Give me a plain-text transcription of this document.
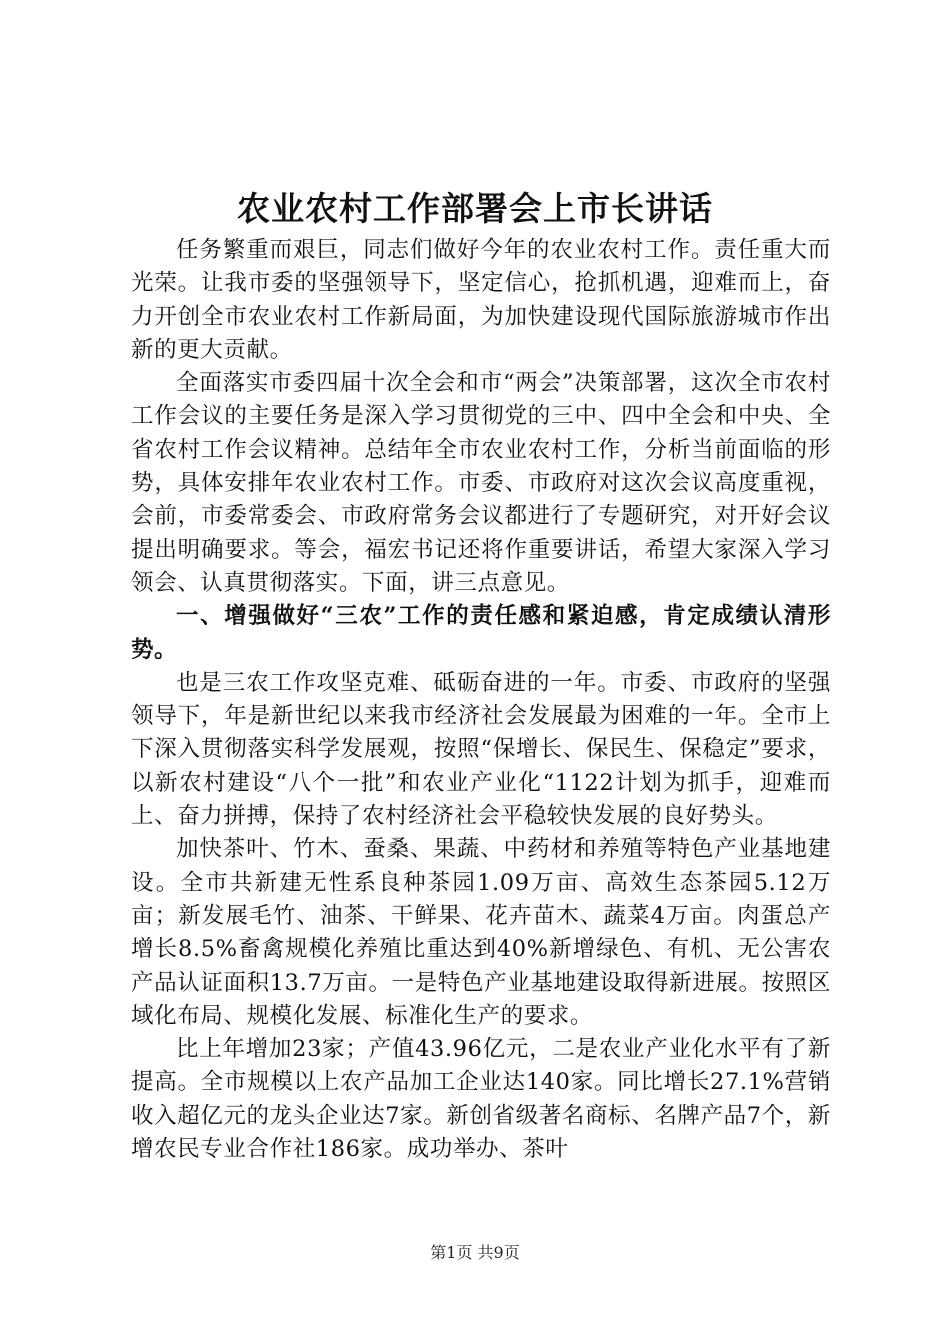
农业农村工作部署会上市长讲话

任务繁重而艰巨，同志们做好今年的农业农村工作。责任重大而光荣。让我市委的坚强领导下，坚定信心，抢抓机遇，迎难而上，奋力开创全市农业农村工作新局面，为加快建设现代国际旅游城市作出新的更大贡献。

全面落实市委四届十次全会和市“两会”决策部署，这次全市农村工作会议的主要任务是深入学习贯彻党的三中、四中全会和中央、全省农村工作会议精神。总结年全市农业农村工作，分析当前面临的形势，具体安排年农业农村工作。市委、市政府对这次会议高度重视，会前，市委常委会、市政府常务会议都进行了专题研究，对开好会议提出明确要求。等会，福宏书记还将作重要讲话，希望大家深入学习领会、认真贯彻落实。下面，讲三点意见。

一、增强做好“三农”工作的责任感和紧迫感，肯定成绩认清形势。

也是三农工作攻坚克难、砥砺奋进的一年。市委、市政府的坚强领导下，年是新世纪以来我市经济社会发展最为困难的一年。全市上下深入贯彻落实科学发展观，按照“保增长、保民生、保稳定”要求，以新农村建设“八个一批”和农业产业化“1122计划为抓手，迎难而上、奋力拼搏，保持了农村经济社会平稳较快发展的良好势头。

加快茶叶、竹木、蚕桑、果蔬、中药材和养殖等特色产业基地建设。全市共新建无性系良种茶园1.09万亩、高效生态茶园5.12万亩；新发展毛竹、油茶、干鲜果、花卉苗木、蔬菜4万亩。肉蛋总产增长8.5%畜禽规模化养殖比重达到40%新增绿色、有机、无公害农产品认证面积13.7万亩。一是特色产业基地建设取得新进展。按照区域化布局、规模化发展、标准化生产的要求。

比上年增加23家；产值43.96亿元，二是农业产业化水平有了新提高。全市规模以上农产品加工企业达140家。同比增长27.1%营销收入超亿元的龙头企业达7家。新创省级著名商标、名牌产品7个，新增农民专业合作社186家。成功举办、茶叶

第1页 共9页
